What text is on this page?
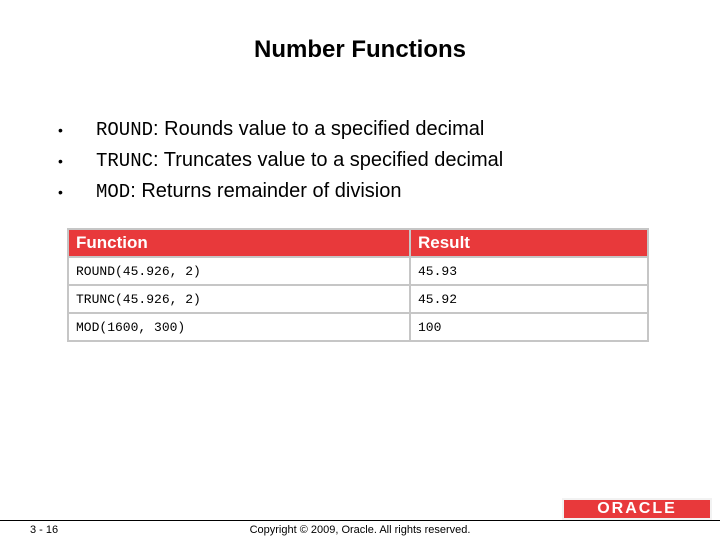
Number Functions
•	ROUND : Rounds value to a specified decimal
•	TRUNC : Truncates value to a specified decimal
•	MOD : Returns remainder of division
Function	Result
ROUND(45.926, 2)	45.93
TRUNC(45.926, 2)	45.92
MOD(1600, 300)	100
ORACLE
3 - 16	Copyright © 2009, Oracle. All rights reserved.
